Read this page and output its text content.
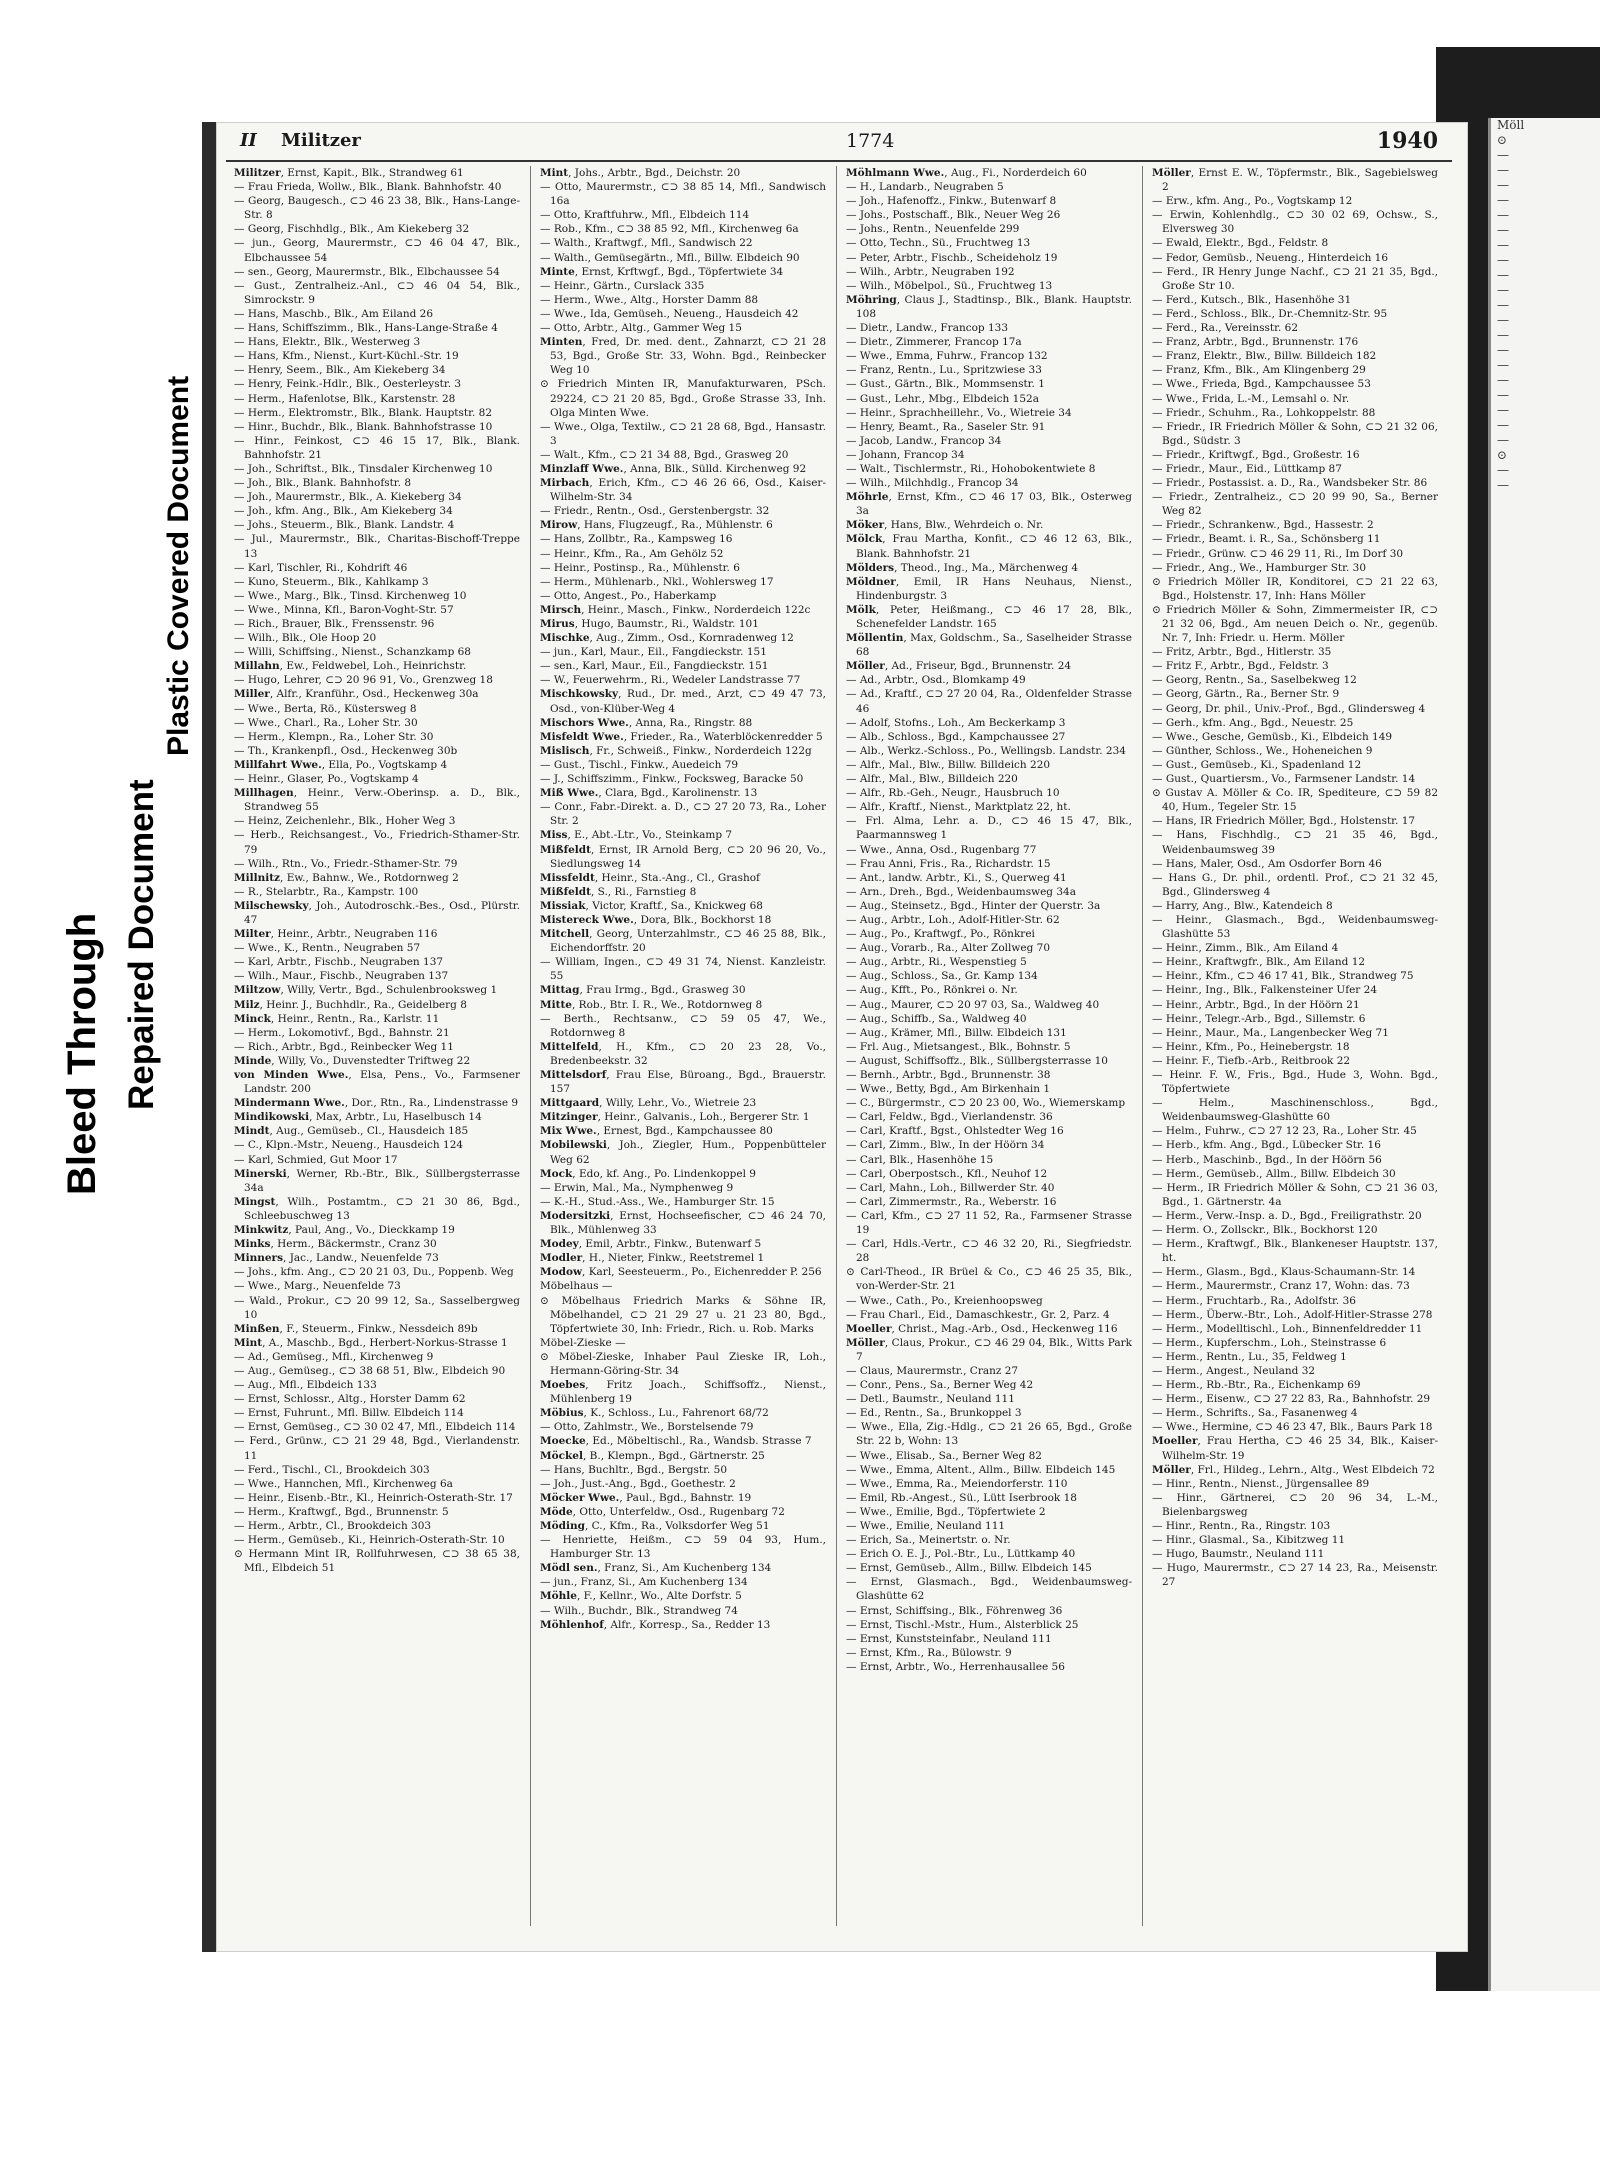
Bleed Through Repaired Document
Plastic Covered Document
Möll
⊙
—
—
—
—
—
—
—
—
—
—
—
—
—
—
—
—
—
—
—
—
⊙
—
—
II Militzer	1774	1940

Militzer, Ernst, Kapit., Blk., Strandweg 61

— Frau Frieda, Wollw., Blk., Blank. Bahnhofstr. 40

— Georg, Baugesch., ⊂⊃ 46 23 38, Blk., Hans-Lange-Str. 8

— Georg, Fischhdlg., Blk., Am Kiekeberg 32

— jun., Georg, Maurermstr., ⊂⊃ 46 04 47, Blk., Elbchaussee 54

— sen., Georg, Maurermstr., Blk., Elbchaussee 54

— Gust., Zentralheiz.-Anl., ⊂⊃ 46 04 54, Blk., Simrockstr. 9

— Hans, Maschb., Blk., Am Eiland 26

— Hans, Schiffszimm., Blk., Hans-Lange-Straße 4

— Hans, Elektr., Blk., Westerweg 3

— Hans, Kfm., Nienst., Kurt-Küchl.-Str. 19

— Henry, Seem., Blk., Am Kiekeberg 34

— Henry, Feink.-Hdlr., Blk., Oesterleystr. 3

— Herm., Hafenlotse, Blk., Karstenstr. 28

— Herm., Elektromstr., Blk., Blank. Hauptstr. 82

— Hinr., Buchdr., Blk., Blank. Bahnhofstrasse 10

— Hinr., Feinkost, ⊂⊃ 46 15 17, Blk., Blank. Bahnhofstr. 21

— Joh., Schriftst., Blk., Tinsdaler Kirchenweg 10

— Joh., Blk., Blank. Bahnhofstr. 8

— Joh., Maurermstr., Blk., A. Kiekeberg 34

— Joh., kfm. Ang., Blk., Am Kiekeberg 34

— Johs., Steuerm., Blk., Blank. Landstr. 4

— Jul., Maurermstr., Blk., Charitas-Bischoff-Treppe 13

— Karl, Tischler, Ri., Kohdrift 46

— Kuno, Steuerm., Blk., Kahlkamp 3

— Wwe., Marg., Blk., Tinsd. Kirchenweg 10

— Wwe., Minna, Kfl., Baron-Voght-Str. 57

— Rich., Brauer, Blk., Frenssenstr. 96

— Wilh., Blk., Ole Hoop 20

— Willi, Schiffsing., Nienst., Schanzkamp 68

Millahn, Ew., Feldwebel, Loh., Heinrichstr.

— Hugo, Lehrer, ⊂⊃ 20 96 91, Vo., Grenzweg 18

Miller, Alfr., Kranführ., Osd., Heckenweg 30a

— Wwe., Berta, Rö., Küstersweg 8

— Wwe., Charl., Ra., Loher Str. 30

— Herm., Klempn., Ra., Loher Str. 30

— Th., Krankenpfl., Osd., Heckenweg 30b

Millfahrt Wwe., Ella, Po., Vogtskamp 4

— Heinr., Glaser, Po., Vogtskamp 4

Millhagen, Heinr., Verw.-Oberinsp. a. D., Blk., Strandweg 55

— Heinz, Zeichenlehr., Blk., Hoher Weg 3

— Herb., Reichsangest., Vo., Friedrich-Sthamer-Str. 79

— Wilh., Rtn., Vo., Friedr.-Sthamer-Str. 79

Millnitz, Ew., Bahnw., We., Rotdornweg 2

— R., Stelarbtr., Ra., Kampstr. 100

Milschewsky, Joh., Autodroschk.-Bes., Osd., Plürstr. 47

Milter, Heinr., Arbtr., Neugraben 116

— Wwe., K., Rentn., Neugraben 57

— Karl, Arbtr., Fischb., Neugraben 137

— Wilh., Maur., Fischb., Neugraben 137

Miltzow, Willy, Vertr., Bgd., Schulenbrooksweg 1

Milz, Heinr. J., Buchhdlr., Ra., Geidelberg 8

Minck, Heinr., Rentn., Ra., Karlstr. 11

— Herm., Lokomotivf., Bgd., Bahnstr. 21

— Rich., Arbtr., Bgd., Reinbecker Weg 11

Minde, Willy, Vo., Duvenstedter Triftweg 22

von Minden Wwe., Elsa, Pens., Vo., Farmsener Landstr. 200

Mindermann Wwe., Dor., Rtn., Ra., Lindenstrasse 9

Mindikowski, Max, Arbtr., Lu, Haselbusch 14

Mindt, Aug., Gemüseb., Cl., Hausdeich 185

— C., Klpn.-Mstr., Neueng., Hausdeich 124

— Karl, Schmied, Gut Moor 17

Minerski, Werner, Rb.-Btr., Blk., Süllbergsterrasse 34a

Mingst, Wilh., Postamtm., ⊂⊃ 21 30 86, Bgd., Schleebuschweg 13

Minkwitz, Paul, Ang., Vo., Dieckkamp 19

Minks, Herm., Bäckermstr., Cranz 30

Minners, Jac., Landw., Neuenfelde 73

— Johs., kfm. Ang., ⊂⊃ 20 21 03, Du., Poppenb. Weg

— Wwe., Marg., Neuenfelde 73

— Wald., Prokur., ⊂⊃ 20 99 12, Sa., Sasselbergweg 10

Minßen, F., Steuerm., Finkw., Nessdeich 89b

Mint, A., Maschb., Bgd., Herbert-Norkus-Strasse 1

— Ad., Gemüseg., Mfl., Kirchenweg 9

— Aug., Gemüseg., ⊂⊃ 38 68 51, Blw., Elbdeich 90

— Aug., Mfl., Elbdeich 133

— Ernst, Schlossr., Altg., Horster Damm 62

— Ernst, Fuhrunt., Mfl. Billw. Elbdeich 114

— Ernst, Gemüseg., ⊂⊃ 30 02 47, Mfl., Elbdeich 114

— Ferd., Grünw., ⊂⊃ 21 29 48, Bgd., Vierlandenstr. 11

— Ferd., Tischl., Cl., Brookdeich 303

— Wwe., Hannchen, Mfl., Kirchenweg 6a

— Heinr., Eisenb.-Btr., Kl., Heinrich-Osterath-Str. 17

— Herm., Kraftwgf., Bgd., Brunnenstr. 5

— Herm., Arbtr., Cl., Brookdeich 303

— Herm., Gemüseb., Ki., Heinrich-Osterath-Str. 10

⊙ Hermann Mint IR, Rollfuhrwesen, ⊂⊃ 38 65 38, Mfl., Elbdeich 51

Mint, Johs., Arbtr., Bgd., Deichstr. 20

— Otto, Maurermstr., ⊂⊃ 38 85 14, Mfl., Sandwisch 16a

— Otto, Kraftfuhrw., Mfl., Elbdeich 114

— Rob., Kfm., ⊂⊃ 38 85 92, Mfl., Kirchenweg 6a

— Walth., Kraftwgf., Mfl., Sandwisch 22

— Walth., Gemüsegärtn., Mfl., Billw. Elbdeich 90

Minte, Ernst, Krftwgf., Bgd., Töpfertwiete 34

— Heinr., Gärtn., Curslack 335

— Herm., Wwe., Altg., Horster Damm 88

— Wwe., Ida, Gemüseh., Neueng., Hausdeich 42

— Otto, Arbtr., Altg., Gammer Weg 15

Minten, Fred, Dr. med. dent., Zahnarzt, ⊂⊃ 21 28 53, Bgd., Große Str. 33, Wohn. Bgd., Reinbecker Weg 10

⊙ Friedrich Minten IR, Manufakturwaren, PSch. 29224, ⊂⊃ 21 20 85, Bgd., Große Strasse 33, Inh. Olga Minten Wwe.

— Wwe., Olga, Textilw., ⊂⊃ 21 28 68, Bgd., Hansastr. 3

— Walt., Kfm., ⊂⊃ 21 34 88, Bgd., Grasweg 20

Minzlaff Wwe., Anna, Blk., Sülld. Kirchenweg 92

Mirbach, Erich, Kfm., ⊂⊃ 46 26 66, Osd., Kaiser-Wilhelm-Str. 34

— Friedr., Rentn., Osd., Gerstenbergstr. 32

Mirow, Hans, Flugzeugf., Ra., Mühlenstr. 6

— Hans, Zollbtr., Ra., Kampsweg 16

— Heinr., Kfm., Ra., Am Gehölz 52

— Heinr., Postinsp., Ra., Mühlenstr. 6

— Herm., Mühlenarb., Nkl., Wohlersweg 17

— Otto, Angest., Po., Haberkamp

Mirsch, Heinr., Masch., Finkw., Norderdeich 122c

Mirus, Hugo, Baumstr., Ri., Waldstr. 101

Mischke, Aug., Zimm., Osd., Kornradenweg 12

— jun., Karl, Maur., Eil., Fangdieckstr. 151

— sen., Karl, Maur., Eil., Fangdieckstr. 151

— W., Feuerwehrm., Ri., Wedeler Landstrasse 77

Mischkowsky, Rud., Dr. med., Arzt, ⊂⊃ 49 47 73, Osd., von-Klüber-Weg 4

Mischors Wwe., Anna, Ra., Ringstr. 88

Misfeldt Wwe., Frieder., Ra., Waterblöckenredder 5

Mislisch, Fr., Schweiß., Finkw., Norderdeich 122g

— Gust., Tischl., Finkw., Auedeich 79

— J., Schiffszimm., Finkw., Focksweg, Baracke 50

Miß Wwe., Clara, Bgd., Karolinenstr. 13

— Conr., Fabr.-Direkt. a. D., ⊂⊃ 27 20 73, Ra., Loher Str. 2

Miss, E., Abt.-Ltr., Vo., Steinkamp 7

Mißfeldt, Ernst, IR Arnold Berg, ⊂⊃ 20 96 20, Vo., Siedlungsweg 14

Missfeldt, Heinr., Sta.-Ang., Cl., Grashof

Mißfeldt, S., Ri., Farnstieg 8

Missiak, Victor, Kraftf., Sa., Knickweg 68

Mistereck Wwe., Dora, Blk., Bockhorst 18

Mitchell, Georg, Unterzahlmstr., ⊂⊃ 46 25 88, Blk., Eichendorffstr. 20

— William, Ingen., ⊂⊃ 49 31 74, Nienst. Kanzleistr. 55

Mittag, Frau Irmg., Bgd., Grasweg 30

Mitte, Rob., Btr. I. R., We., Rotdornweg 8

— Berth., Rechtsanw., ⊂⊃ 59 05 47, We., Rotdornweg 8

Mittelfeld, H., Kfm., ⊂⊃ 20 23 28, Vo., Bredenbeekstr. 32

Mittelsdorf, Frau Else, Büroang., Bgd., Brauerstr. 157

Mittgaard, Willy, Lehr., Vo., Wietreie 23

Mitzinger, Heinr., Galvanis., Loh., Bergerer Str. 1

Mix Wwe., Ernest, Bgd., Kampchaussee 80

Mobilewski, Joh., Ziegler, Hum., Poppenbütteler Weg 62

Mock, Edo, kf. Ang., Po. Lindenkoppel 9

— Erwin, Mal., Ma., Nymphenweg 9

— K.-H., Stud.-Ass., We., Hamburger Str. 15

Modersitzki, Ernst, Hochseefischer, ⊂⊃ 46 24 70, Blk., Mühlenweg 33

Modey, Emil, Arbtr., Finkw., Butenwarf 5

Modler, H., Nieter, Finkw., Reetstremel 1

Modow, Karl, Seesteuerm., Po., Eichenredder P. 256

Möbelhaus —

⊙ Möbelhaus Friedrich Marks & Söhne IR, Möbelhandel, ⊂⊃ 21 29 27 u. 21 23 80, Bgd., Töpfertwiete 30, Inh: Friedr., Rich. u. Rob. Marks

Möbel-Zieske —

⊙ Möbel-Zieske, Inhaber Paul Zieske IR, Loh., Hermann-Göring-Str. 34

Moebes, Fritz Joach., Schiffsoffz., Nienst., Mühlenberg 19

Möbius, K., Schloss., Lu., Fahrenort 68/72

— Otto, Zahlmstr., We., Borstelsende 79

Moecke, Ed., Möbeltischl., Ra., Wandsb. Strasse 7

Möckel, B., Klempn., Bgd., Gärtnerstr. 25

— Hans, Buchltr., Bgd., Bergstr. 50

— Joh., Just.-Ang., Bgd., Goethestr. 2

Möcker Wwe., Paul., Bgd., Bahnstr. 19

Möde, Otto, Unterfeldw., Osd., Rugenbarg 72

Möding, C., Kfm., Ra., Volksdorfer Weg 51

— Henriette, Heißm., ⊂⊃ 59 04 93, Hum., Hamburger Str. 13

Mödl sen., Franz, Si., Am Kuchenberg 134

— jun., Franz, Si., Am Kuchenberg 134

Möhle, F., Kellnr., Wo., Alte Dorfstr. 5

— Wilh., Buchdr., Blk., Strandweg 74

Möhlenhof, Alfr., Korresp., Sa., Redder 13

Möhlmann Wwe., Aug., Fi., Norderdeich 60

— H., Landarb., Neugraben 5

— Joh., Hafenoffz., Finkw., Butenwarf 8

— Johs., Postschaff., Blk., Neuer Weg 26

— Johs., Rentn., Neuenfelde 299

— Otto, Techn., Sü., Fruchtweg 13

— Peter, Arbtr., Fischb., Scheideholz 19

— Wilh., Arbtr., Neugraben 192

— Wilh., Möbelpol., Sü., Fruchtweg 13

Möhring, Claus J., Stadtinsp., Blk., Blank. Hauptstr. 108

— Dietr., Landw., Francop 133

— Dietr., Zimmerer, Francop 17a

— Wwe., Emma, Fuhrw., Francop 132

— Franz, Rentn., Lu., Spritzwiese 33

— Gust., Gärtn., Blk., Mommsenstr. 1

— Gust., Lehr., Mbg., Elbdeich 152a

— Heinr., Sprachheillehr., Vo., Wietreie 34

— Henry, Beamt., Ra., Saseler Str. 91

— Jacob, Landw., Francop 34

— Johann, Francop 34

— Walt., Tischlermstr., Ri., Hohobokentwiete 8

— Wilh., Milchhdlg., Francop 34

Möhrle, Ernst, Kfm., ⊂⊃ 46 17 03, Blk., Osterweg 3a

Möker, Hans, Blw., Wehrdeich o. Nr.

Mölck, Frau Martha, Konfit., ⊂⊃ 46 12 63, Blk., Blank. Bahnhofstr. 21

Mölders, Theod., Ing., Ma., Märchenweg 4

Möldner, Emil, IR Hans Neuhaus, Nienst., Hindenburgstr. 3

Mölk, Peter, Heißmang., ⊂⊃ 46 17 28, Blk., Schenefelder Landstr. 165

Möllentin, Max, Goldschm., Sa., Saselheider Strasse 68

Möller, Ad., Friseur, Bgd., Brunnenstr. 24

— Ad., Arbtr., Osd., Blomkamp 49

— Ad., Kraftf., ⊂⊃ 27 20 04, Ra., Oldenfelder Strasse 46

— Adolf, Stofns., Loh., Am Beckerkamp 3

— Alb., Schloss., Bgd., Kampchaussee 27

— Alb., Werkz.-Schloss., Po., Wellingsb. Landstr. 234

— Alfr., Mal., Blw., Billw. Billdeich 220

— Alfr., Mal., Blw., Billdeich 220

— Alfr., Rb.-Geh., Neugr., Hausbruch 10

— Alfr., Kraftf., Nienst., Marktplatz 22, ht.

— Frl. Alma, Lehr. a. D., ⊂⊃ 46 15 47, Blk., Paarmannsweg 1

— Wwe., Anna, Osd., Rugenbarg 77

— Frau Anni, Fris., Ra., Richardstr. 15

— Ant., landw. Arbtr., Ki., S., Querweg 41

— Arn., Dreh., Bgd., Weidenbaumsweg 34a

— Aug., Steinsetz., Bgd., Hinter der Querstr. 3a

— Aug., Arbtr., Loh., Adolf-Hitler-Str. 62

— Aug., Po., Kraftwgf., Po., Rönkrei

— Aug., Vorarb., Ra., Alter Zollweg 70

— Aug., Arbtr., Ri., Wespenstieg 5

— Aug., Schloss., Sa., Gr. Kamp 134

— Aug., Kfft., Po., Rönkrei o. Nr.

— Aug., Maurer, ⊂⊃ 20 97 03, Sa., Waldweg 40

— Aug., Schiffb., Sa., Waldweg 40

— Aug., Krämer, Mfl., Billw. Elbdeich 131

— Frl. Aug., Mietsangest., Blk., Bohnstr. 5

— August, Schiffsoffz., Blk., Süllbergsterrasse 10

— Bernh., Arbtr., Bgd., Brunnenstr. 38

— Wwe., Betty, Bgd., Am Birkenhain 1

— C., Bürgermstr., ⊂⊃ 20 23 00, Wo., Wiemerskamp

— Carl, Feldw., Bgd., Vierlandenstr. 36

— Carl, Kraftf., Bgst., Ohlstedter Weg 16

— Carl, Zimm., Blw., In der Höörn 34

— Carl, Blk., Hasenhöhe 15

— Carl, Oberpostsch., Kfl., Neuhof 12

— Carl, Mahn., Loh., Billwerder Str. 40

— Carl, Zimmermstr., Ra., Weberstr. 16

— Carl, Kfm., ⊂⊃ 27 11 52, Ra., Farmsener Strasse 19

— Carl, Hdls.-Vertr., ⊂⊃ 46 32 20, Ri., Siegfriedstr. 28

⊙ Carl-Theod., IR Brüel & Co., ⊂⊃ 46 25 35, Blk., von-Werder-Str. 21

— Wwe., Cath., Po., Kreienhoopsweg

— Frau Charl., Eid., Damaschkestr., Gr. 2, Parz. 4

Moeller, Christ., Mag.-Arb., Osd., Heckenweg 116

Möller, Claus, Prokur., ⊂⊃ 46 29 04, Blk., Witts Park 7

— Claus, Maurermstr., Cranz 27

— Conr., Pens., Sa., Berner Weg 42

— Detl., Baumstr., Neuland 111

— Ed., Rentn., Sa., Brunkoppel 3

— Wwe., Ella, Zig.-Hdlg., ⊂⊃ 21 26 65, Bgd., Große Str. 22 b, Wohn: 13

— Wwe., Elisab., Sa., Berner Weg 82

— Wwe., Emma, Altent., Allm., Billw. Elbdeich 145

— Wwe., Emma, Ra., Meiendorferstr. 110

— Emil, Rb.-Angest., Sü., Lütt Iserbrook 18

— Wwe., Emilie, Bgd., Töpfertwiete 2

— Wwe., Emilie, Neuland 111

— Erich, Sa., Meinertstr. o. Nr.

— Erich O. E. J., Pol.-Btr., Lu., Lüttkamp 40

— Ernst, Gemüseb., Allm., Billw. Elbdeich 145

— Ernst, Glasmach., Bgd., Weidenbaumsweg-Glashütte 62

— Ernst, Schiffsing., Blk., Föhrenweg 36

— Ernst, Tischl.-Mstr., Hum., Alsterblick 25

— Ernst, Kunststeinfabr., Neuland 111

— Ernst, Kfm., Ra., Bülowstr. 9

— Ernst, Arbtr., Wo., Herrenhausallee 56

Möller, Ernst E. W., Töpfermstr., Blk., Sagebielsweg 2

— Erw., kfm. Ang., Po., Vogtskamp 12

— Erwin, Kohlenhdlg., ⊂⊃ 30 02 69, Ochsw., S., Elversweg 30

— Ewald, Elektr., Bgd., Feldstr. 8

— Fedor, Gemüsb., Neueng., Hinterdeich 16

— Ferd., IR Henry Junge Nachf., ⊂⊃ 21 21 35, Bgd., Große Str 10.

— Ferd., Kutsch., Blk., Hasenhöhe 31

— Ferd., Schloss., Blk., Dr.-Chemnitz-Str. 95

— Ferd., Ra., Vereinsstr. 62

— Franz, Arbtr., Bgd., Brunnenstr. 176

— Franz, Elektr., Blw., Billw. Billdeich 182

— Franz, Kfm., Blk., Am Klingenberg 29

— Wwe., Frieda, Bgd., Kampchaussee 53

— Wwe., Frida, L.-M., Lemsahl o. Nr.

— Friedr., Schuhm., Ra., Lohkoppelstr. 88

— Friedr., IR Friedrich Möller & Sohn, ⊂⊃ 21 32 06, Bgd., Südstr. 3

— Friedr., Kriftwgf., Bgd., Großestr. 16

— Friedr., Maur., Eid., Lüttkamp 87

— Friedr., Postassist. a. D., Ra., Wandsbeker Str. 86

— Friedr., Zentralheiz., ⊂⊃ 20 99 90, Sa., Berner Weg 82

— Friedr., Schrankenw., Bgd., Hassestr. 2

— Friedr., Beamt. i. R., Sa., Schönsberg 11

— Friedr., Grünw. ⊂⊃ 46 29 11, Ri., Im Dorf 30

— Friedr., Ang., We., Hamburger Str. 30

⊙ Friedrich Möller IR, Konditorei, ⊂⊃ 21 22 63, Bgd., Holstenstr. 17, Inh: Hans Möller

⊙ Friedrich Möller & Sohn, Zimmermeister IR, ⊂⊃ 21 32 06, Bgd., Am neuen Deich o. Nr., gegenüb. Nr. 7, Inh: Friedr. u. Herm. Möller

— Fritz, Arbtr., Bgd., Hitlerstr. 35

— Fritz F., Arbtr., Bgd., Feldstr. 3

— Georg, Rentn., Sa., Saselbekweg 12

— Georg, Gärtn., Ra., Berner Str. 9

— Georg, Dr. phil., Univ.-Prof., Bgd., Glindersweg 4

— Gerh., kfm. Ang., Bgd., Neuestr. 25

— Wwe., Gesche, Gemüsb., Ki., Elbdeich 149

— Günther, Schloss., We., Hoheneichen 9

— Gust., Gemüseb., Ki., Spadenland 12

— Gust., Quartiersm., Vo., Farmsener Landstr. 14

⊙ Gustav A. Möller & Co. IR, Spediteure, ⊂⊃ 59 82 40, Hum., Tegeler Str. 15

— Hans, IR Friedrich Möller, Bgd., Holstenstr. 17

— Hans, Fischhdlg., ⊂⊃ 21 35 46, Bgd., Weidenbaumsweg 39

— Hans, Maler, Osd., Am Osdorfer Born 46

— Hans G., Dr. phil., ordentl. Prof., ⊂⊃ 21 32 45, Bgd., Glindersweg 4

— Harry, Ang., Blw., Katendeich 8

— Heinr., Glasmach., Bgd., Weidenbaumsweg-Glashütte 53

— Heinr., Zimm., Blk., Am Eiland 4

— Heinr., Kraftwgfr., Blk., Am Eiland 12

— Heinr., Kfm., ⊂⊃ 46 17 41, Blk., Strandweg 75

— Heinr., Ing., Blk., Falkensteiner Ufer 24

— Heinr., Arbtr., Bgd., In der Höörn 21

— Heinr., Telegr.-Arb., Bgd., Sillemstr. 6

— Heinr., Maur., Ma., Langenbecker Weg 71

— Heinr., Kfm., Po., Heinebergstr. 18

— Heinr. F., Tiefb.-Arb., Reitbrook 22

— Heinr. F. W., Fris., Bgd., Hude 3, Wohn. Bgd., Töpfertwiete

— Helm., Maschinenschloss., Bgd., Weidenbaumsweg-Glashütte 60

— Helm., Fuhrw., ⊂⊃ 27 12 23, Ra., Loher Str. 45

— Herb., kfm. Ang., Bgd., Lübecker Str. 16

— Herb., Maschinb., Bgd., In der Höörn 56

— Herm., Gemüseb., Allm., Billw. Elbdeich 30

— Herm., IR Friedrich Möller & Sohn, ⊂⊃ 21 36 03, Bgd., 1. Gärtnerstr. 4a

— Herm., Verw.-Insp. a. D., Bgd., Freiligrathstr. 20

— Herm. O., Zollsckr., Blk., Bockhorst 120

— Herm., Kraftwgf., Blk., Blankeneser Hauptstr. 137, ht.

— Herm., Glasm., Bgd., Klaus-Schaumann-Str. 14

— Herm., Maurermstr., Cranz 17, Wohn: das. 73

— Herm., Fruchtarb., Ra., Adolfstr. 36

— Herm., Überw.-Btr., Loh., Adolf-Hitler-Strasse 278

— Herm., Modelltischl., Loh., Binnenfeldredder 11

— Herm., Kupferschm., Loh., Steinstrasse 6

— Herm., Rentn., Lu., 35, Feldweg 1

— Herm., Angest., Neuland 32

— Herm., Rb.-Btr., Ra., Eichenkamp 69

— Herm., Eisenw., ⊂⊃ 27 22 83, Ra., Bahnhofstr. 29

— Herm., Schrifts., Sa., Fasanenweg 4

— Wwe., Hermine, ⊂⊃ 46 23 47, Blk., Baurs Park 18

Moeller, Frau Hertha, ⊂⊃ 46 25 34, Blk., Kaiser-Wilhelm-Str. 19

Möller, Frl., Hildeg., Lehrn., Altg., West Elbdeich 72

— Hinr., Rentn., Nienst., Jürgensallee 89

— Hinr., Gärtnerei, ⊂⊃ 20 96 34, L.-M., Bielenbargsweg

— Hinr., Rentn., Ra., Ringstr. 103

— Hinr., Glasmal., Sa., Kibitzweg 11

— Hugo, Baumstr., Neuland 111

— Hugo, Maurermstr., ⊂⊃ 27 14 23, Ra., Meisenstr. 27
